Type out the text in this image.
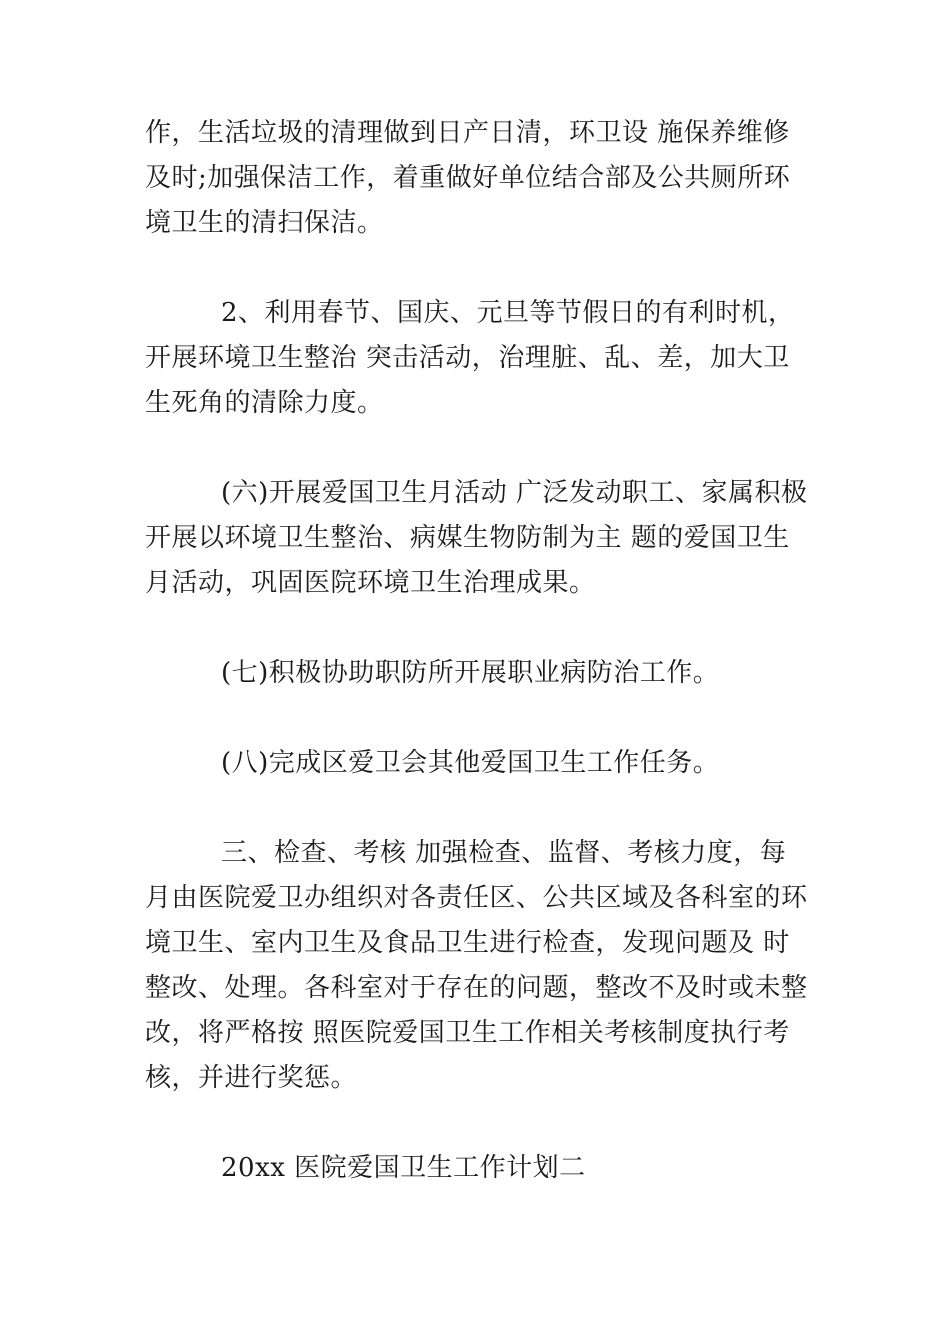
作，生活垃圾的清理做到日产日清，环卫设 施保养维修及时;加强保洁工作，着重做好单位结合部及公共厕所环境卫生的清扫保洁。

2、利用春节、国庆、元旦等节假日的有利时机，开展环境卫生整治 突击活动，治理脏、乱、差，加大卫生死角的清除力度。

(六)开展爱国卫生月活动 广泛发动职工、家属积极开展以环境卫生整治、病媒生物防制为主 题的爱国卫生月活动，巩固医院环境卫生治理成果。

(七)积极协助职防所开展职业病防治工作。

(八)完成区爱卫会其他爱国卫生工作任务。

三、检查、考核 加强检查、监督、考核力度，每月由医院爱卫办组织对各责任区、公共区域及各科室的环境卫生、室内卫生及食品卫生进行检查，发现问题及 时整改、处理。各科室对于存在的问题，整改不及时或未整改，将严格按 照医院爱国卫生工作相关考核制度执行考核，并进行奖惩。

20xx 医院爱国卫生工作计划二
